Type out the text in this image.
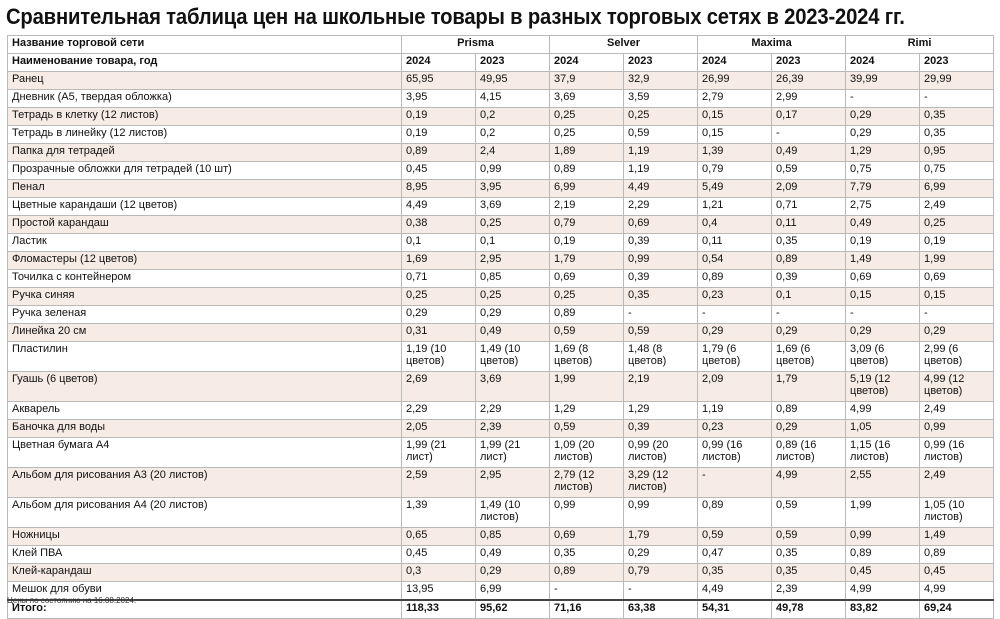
Сравнительная таблица цен на школьные товары в разных торговых сетях в 2023-2024 гг.
Название торговой сети	Prisma		Selver		Maxima		Rimi	
Наименование товара, год	2024	2023	2024	2023	2024	2023	2024	2023
Ранец	65,95	49,95	37,9	32,9	26,99	26,39	39,99	29,99
Дневник (А5, твердая обложка)	3,95	4,15	3,69	3,59	2,79	2,99	-	-
Тетрадь в клетку (12 листов)	0,19	0,2	0,25	0,25	0,15	0,17	0,29	0,35
Тетрадь в линейку (12 листов)	0,19	0,2	0,25	0,59	0,15	-	0,29	0,35
Папка для тетрадей	0,89	2,4	1,89	1,19	1,39	0,49	1,29	0,95
Прозрачные обложки для тетрадей (10 шт)	0,45	0,99	0,89	1,19	0,79	0,59	0,75	0,75
Пенал	8,95	3,95	6,99	4,49	5,49	2,09	7,79	6,99
Цветные карандаши (12 цветов)	4,49	3,69	2,19	2,29	1,21	0,71	2,75	2,49
Простой карандаш	0,38	0,25	0,79	0,69	0,4	0,11	0,49	0,25
Ластик	0,1	0,1	0,19	0,39	0,11	0,35	0,19	0,19
Фломастеры (12 цветов)	1,69	2,95	1,79	0,99	0,54	0,89	1,49	1,99
Точилка с контейнером	0,71	0,85	0,69	0,39	0,89	0,39	0,69	0,69
Ручка синяя	0,25	0,25	0,25	0,35	0,23	0,1	0,15	0,15
Ручка зеленая	0,29	0,29	0,89	-	-	-	-	-
Линейка 20 см	0,31	0,49	0,59	0,59	0,29	0,29	0,29	0,29
Пластилин	1,19 (10 цветов)	1,49 (10 цветов)	1,69 (8 цветов)	1,48 (8 цветов)	1,79 (6 цветов)	1,69 (6 цветов)	3,09 (6 цветов)	2,99 (6 цветов)
Гуашь (6 цветов)	2,69	3,69	1,99	2,19	2,09	1,79	5,19 (12 цветов)	4,99 (12 цветов)
Акварель	2,29	2,29	1,29	1,29	1,19	0,89	4,99	2,49
Баночка для воды	2,05	2,39	0,59	0,39	0,23	0,29	1,05	0,99
Цветная бумага А4	1,99 (21 лист)	1,99 (21 лист)	1,09 (20 листов)	0,99 (20 листов)	0,99 (16 листов)	0,89 (16 листов)	1,15 (16 листов)	0,99 (16 листов)
Альбом для рисования А3 (20 листов)	2,59	2,95	2,79 (12 листов)	3,29 (12 листов)	-	4,99	2,55	2,49
Альбом для рисования А4 (20 листов)	1,39	1,49 (10 листов)	0,99	0,99	0,89	0,59	1,99	1,05 (10 листов)
Ножницы	0,65	0,85	0,69	1,79	0,59	0,59	0,99	1,49
Клей ПВА	0,45	0,49	0,35	0,29	0,47	0,35	0,89	0,89
Клей-карандаш	0,3	0,29	0,89	0,79	0,35	0,35	0,45	0,45
Мешок для обуви	13,95	6,99	-	-	4,49	2,39	4,99	4,99
Итого:	118,33	95,62	71,16	63,38	54,31	49,78	83,82	69,24
Цены по состоянию на 16.08.2024.
